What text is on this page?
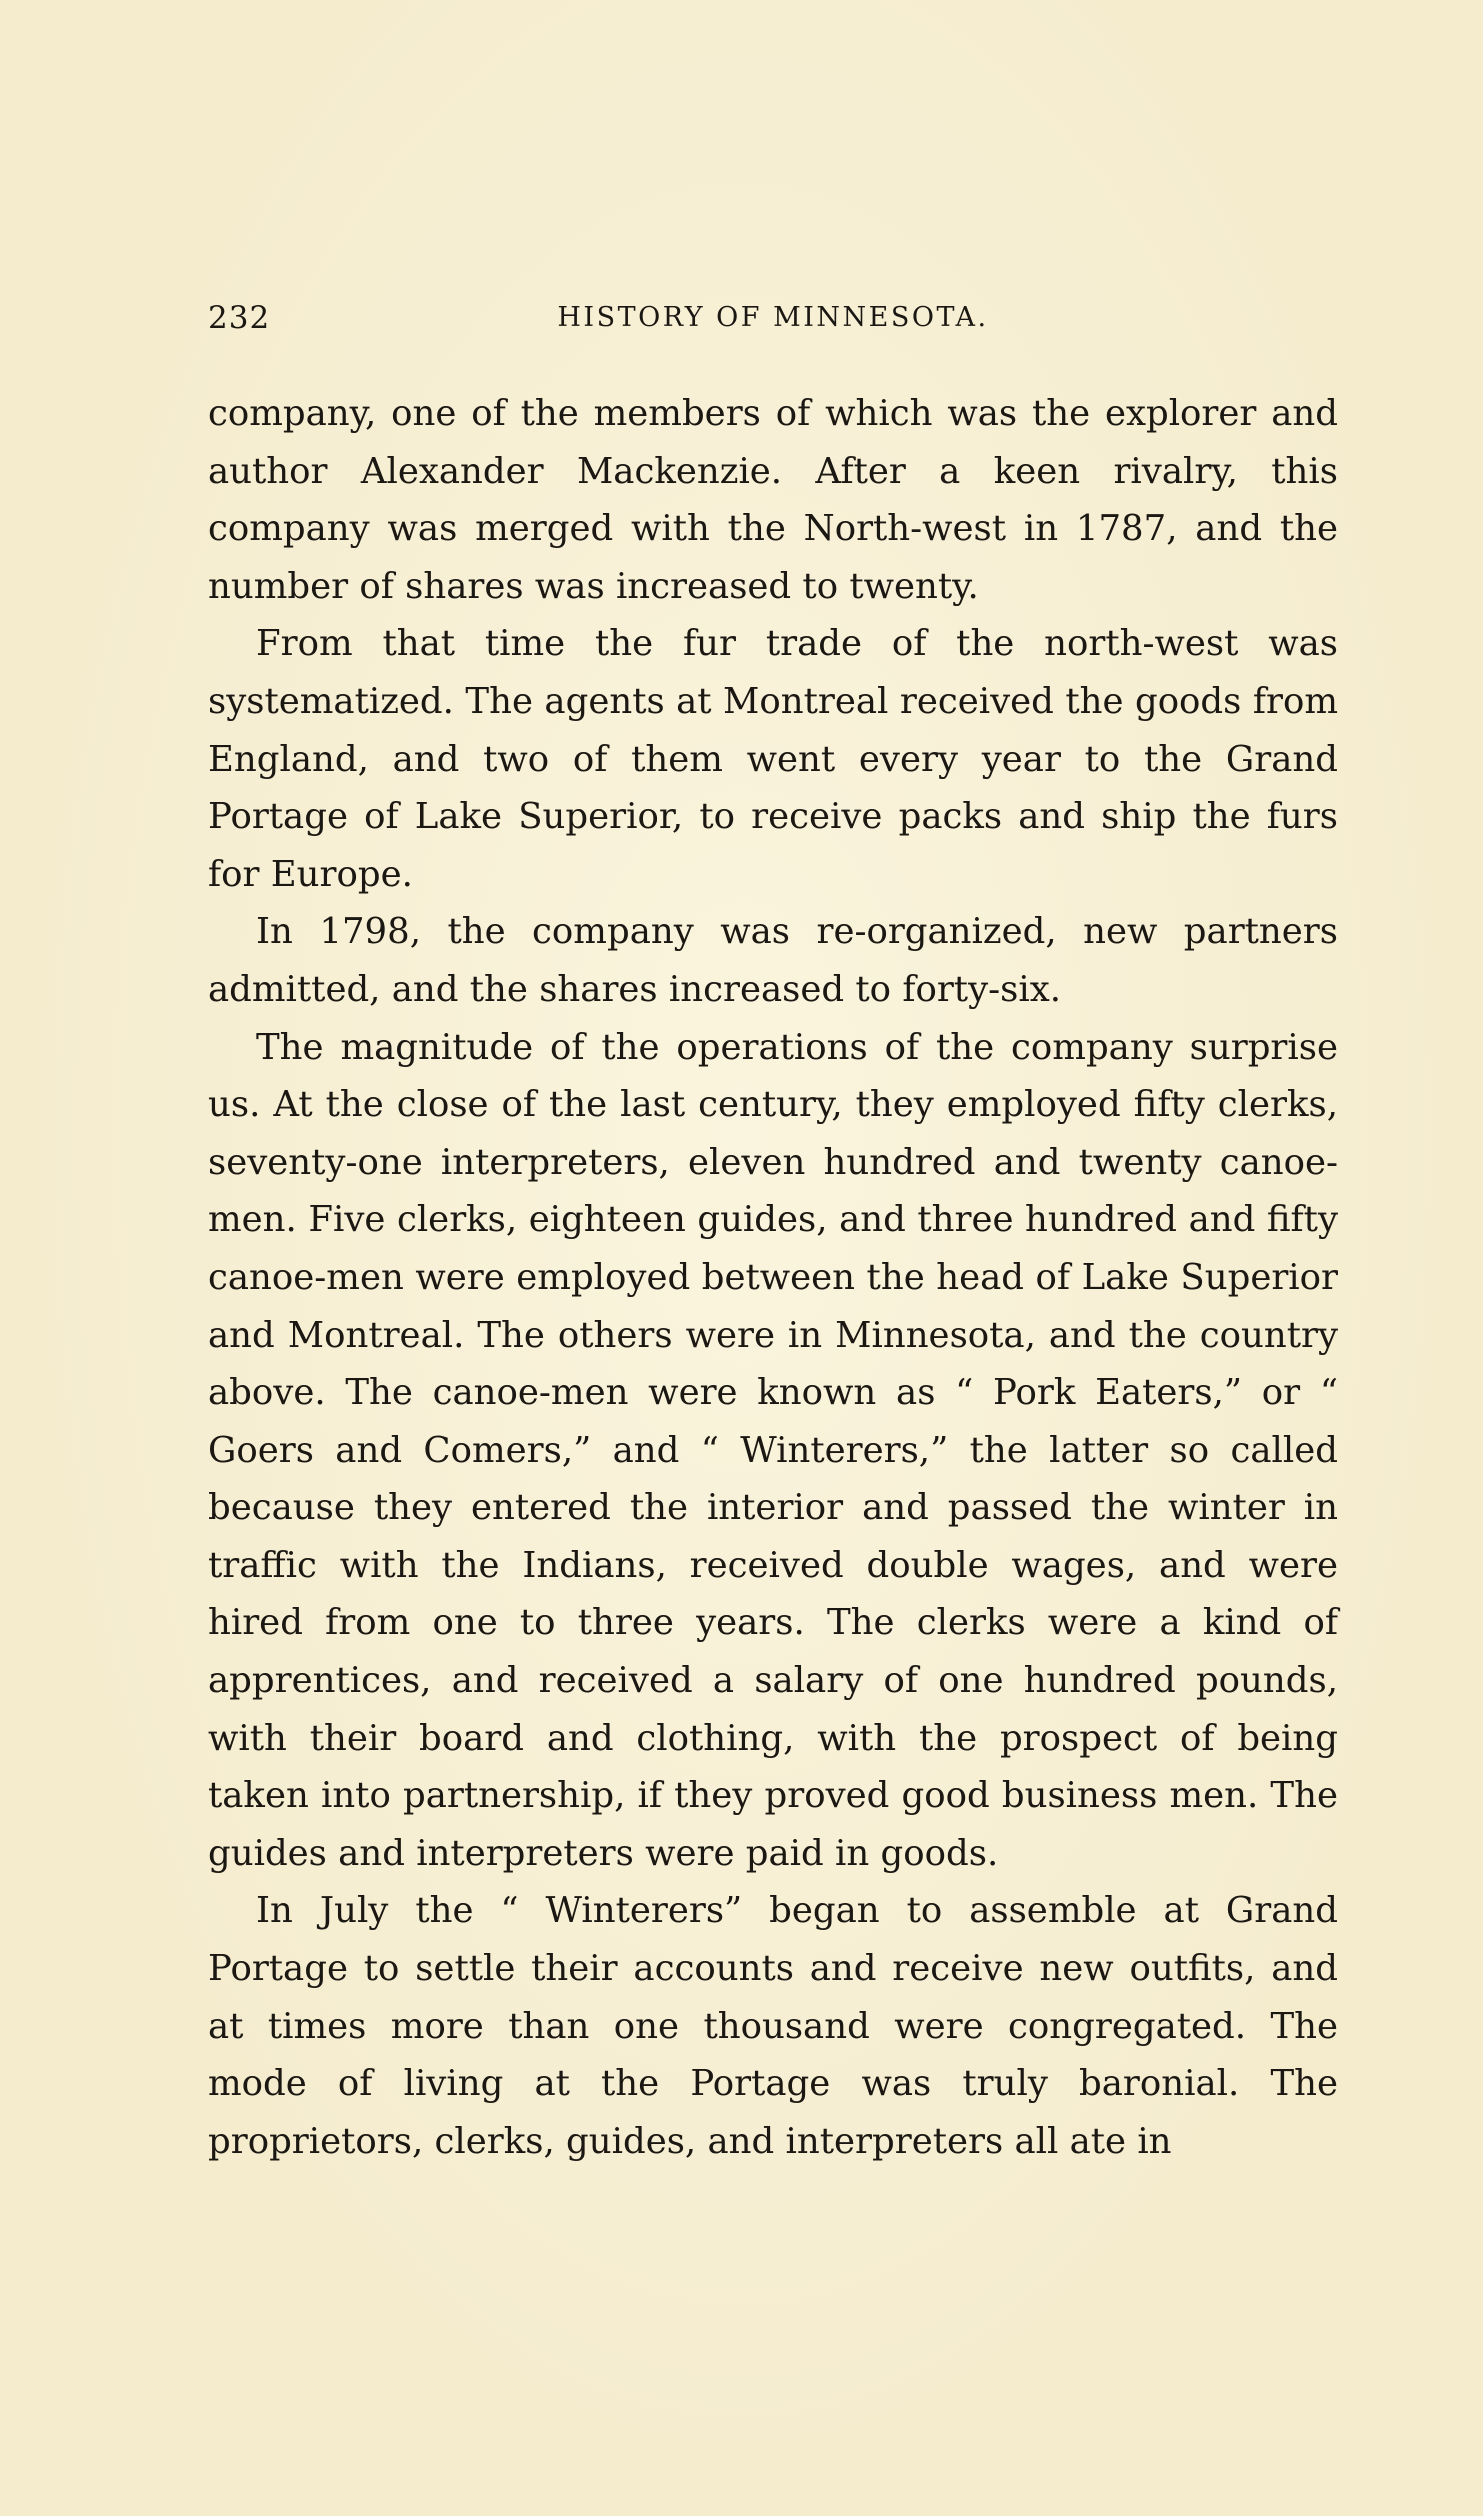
232	HISTORY OF MINNESOTA.

company, one of the members of which was the explorer and author Alexander Mackenzie. After a keen rivalry, this company was merged with the North-west in 1787, and the number of shares was increased to twenty.

From that time the fur trade of the north-west was systematized. The agents at Montreal received the goods from England, and two of them went every year to the Grand Portage of Lake Superior, to receive packs and ship the furs for Europe.

In 1798, the company was re-organized, new partners admitted, and the shares increased to forty-six.

The magnitude of the operations of the company surprise us. At the close of the last century, they employed fifty clerks, seventy-one interpreters, eleven hundred and twenty canoe-men. Five clerks, eighteen guides, and three hundred and fifty canoe-men were employed between the head of Lake Superior and Montreal. The others were in Minnesota, and the country above. The canoe-men were known as “ Pork Eaters,” or “ Goers and Comers,” and “ Winterers,” the latter so called because they entered the interior and passed the winter in traffic with the Indians, received double wages, and were hired from one to three years. The clerks were a kind of apprentices, and received a salary of one hundred pounds, with their board and clothing, with the prospect of being taken into partnership, if they proved good business men. The guides and interpreters were paid in goods.

In July the “ Winterers” began to assemble at Grand Portage to settle their accounts and receive new outfits, and at times more than one thousand were congregated. The mode of living at the Portage was truly baronial. The proprietors, clerks, guides, and interpreters all ate in
